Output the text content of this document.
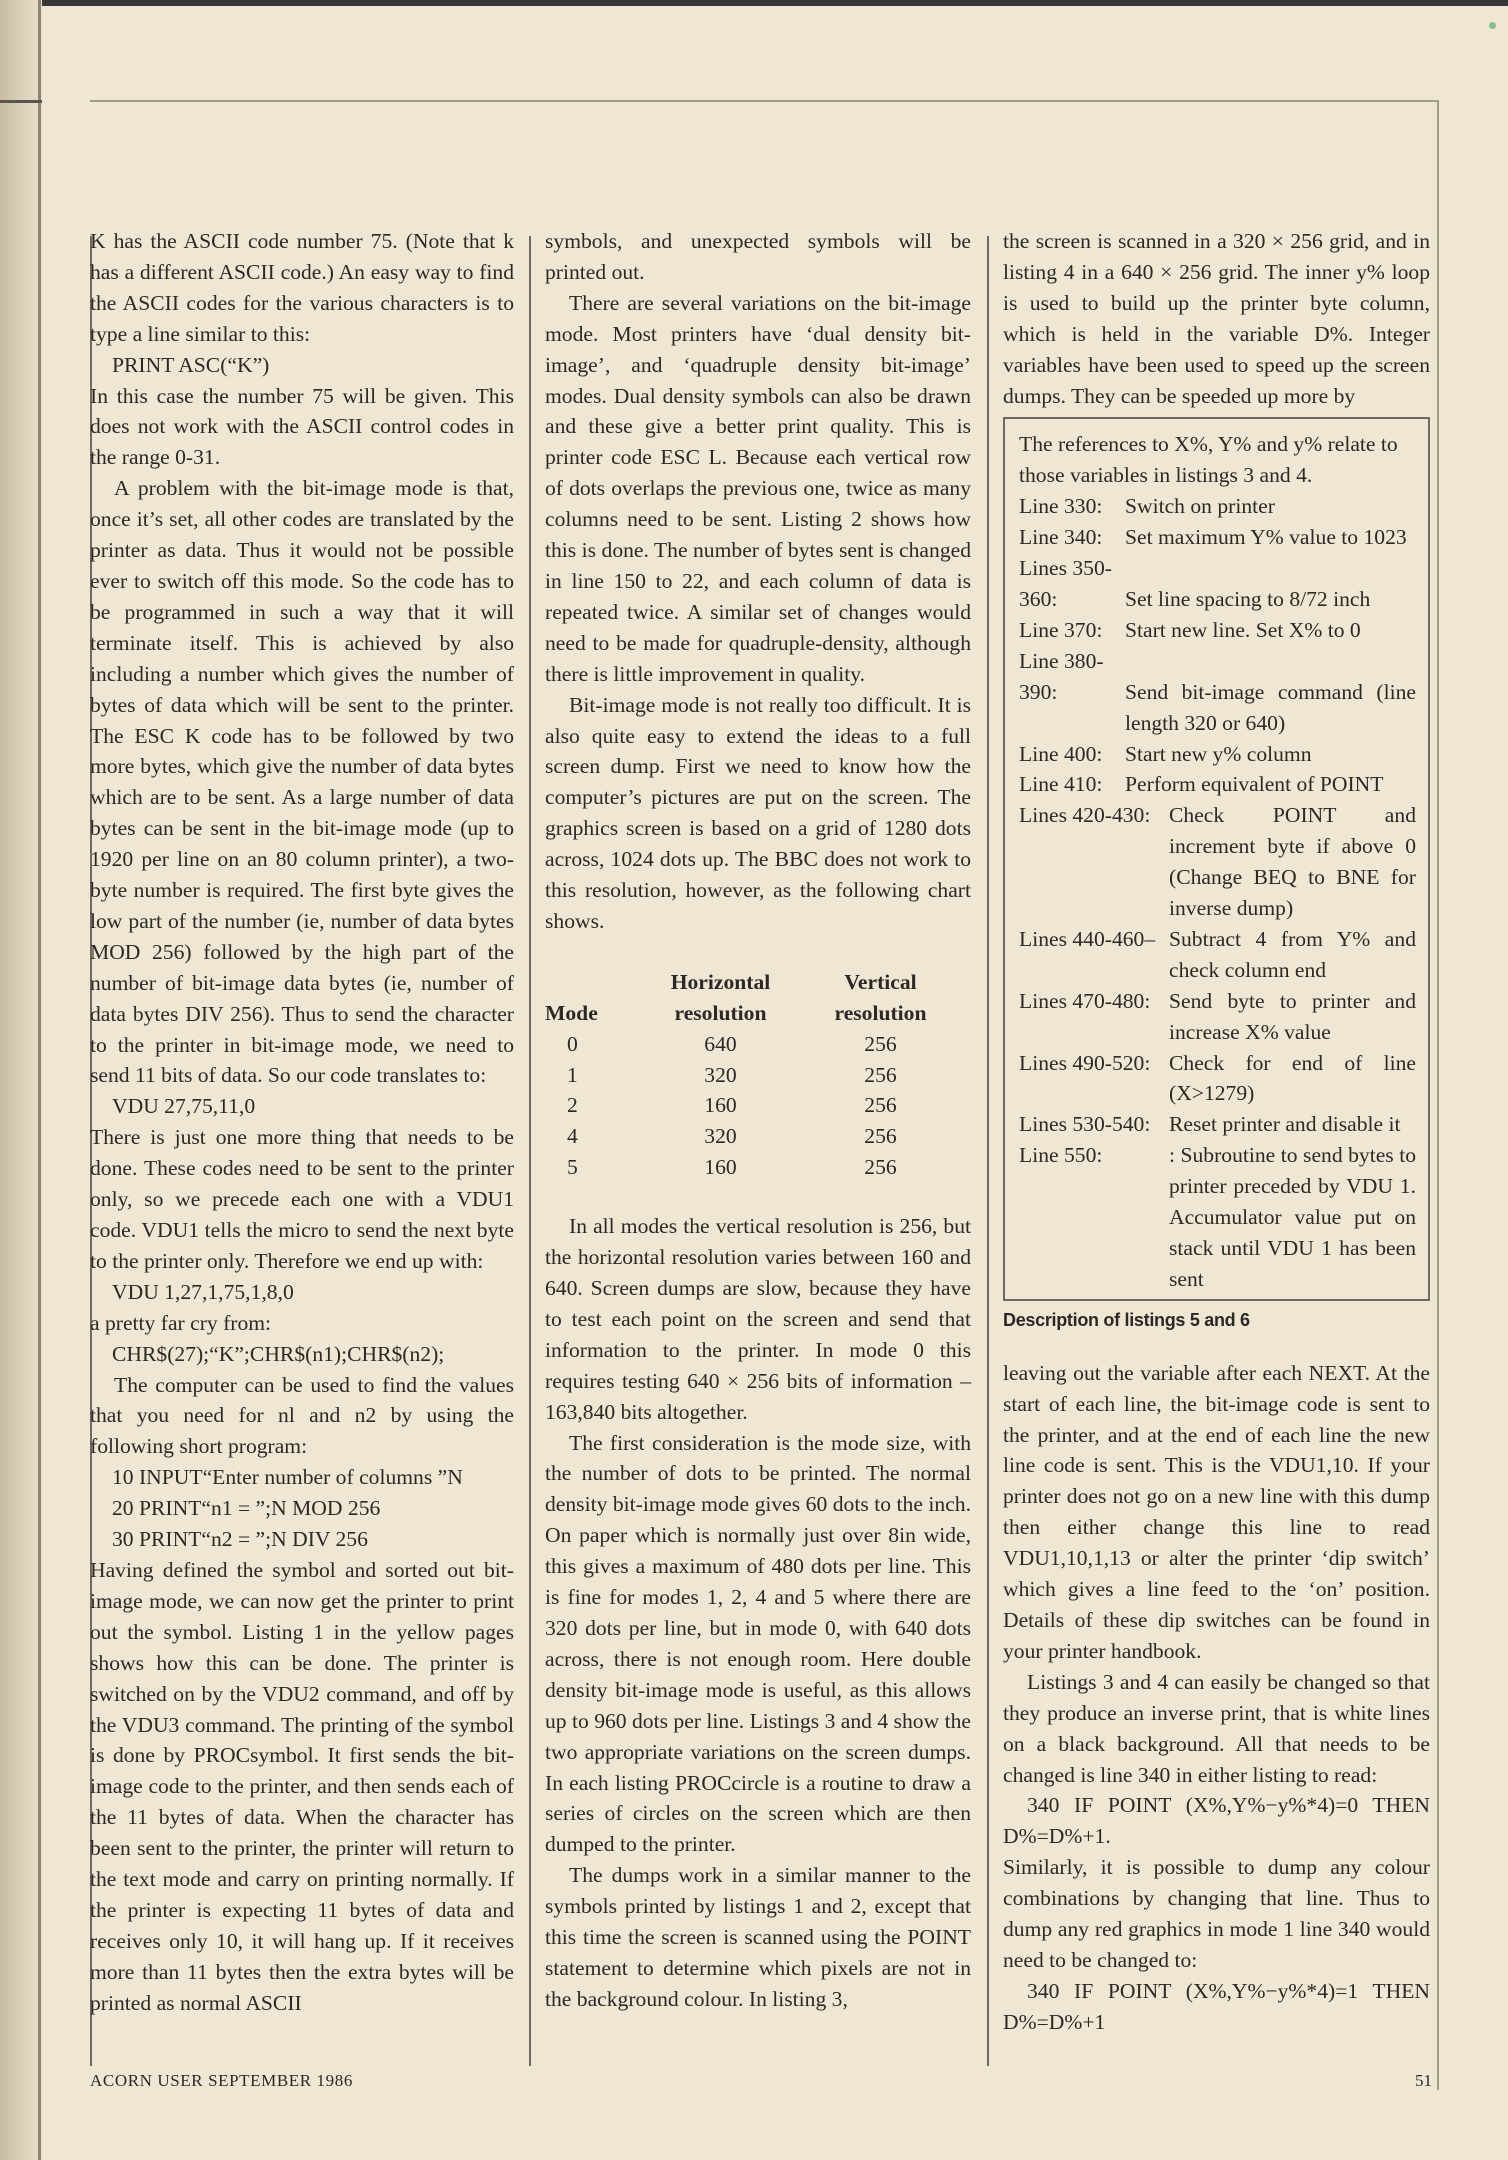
K has the ASCII code number 75. (Note that k has a different ASCII code.) An easy way to find the ASCII codes for the various characters is to type a line similar to this:

PRINT ASC(“K”)

In this case the number 75 will be given. This does not work with the ASCII control codes in the range 0-31.

A problem with the bit-image mode is that, once it’s set, all other codes are translated by the printer as data. Thus it would not be possible ever to switch off this mode. So the code has to be programmed in such a way that it will terminate itself. This is achieved by also including a number which gives the number of bytes of data which will be sent to the printer. The ESC K code has to be followed by two more bytes, which give the number of data bytes which are to be sent. As a large number of data bytes can be sent in the bit-image mode (up to 1920 per line on an 80 column printer), a two-byte number is required. The first byte gives the low part of the number (ie, number of data bytes MOD 256) followed by the high part of the number of bit-image data bytes (ie, number of data bytes DIV 256). Thus to send the character to the printer in bit-image mode, we need to send 11 bits of data. So our code translates to:

VDU 27,75,11,0

There is just one more thing that needs to be done. These codes need to be sent to the printer only, so we precede each one with a VDU1 code. VDU1 tells the micro to send the next byte to the printer only. Therefore we end up with:

VDU 1,27,1,75,1,8,0

a pretty far cry from:

CHR$(27);“K”;CHR$(n1);CHR$(n2);

The computer can be used to find the values that you need for nl and n2 by using the following short program:

10 INPUT“Enter number of columns ”N

20 PRINT“n1 = ”;N MOD 256

30 PRINT“n2 = ”;N DIV 256

Having defined the symbol and sorted out bit-image mode, we can now get the printer to print out the symbol. Listing 1 in the yellow pages shows how this can be done. The printer is switched on by the VDU2 command, and off by the VDU3 command. The printing of the symbol is done by PROCsymbol. It first sends the bit-image code to the printer, and then sends each of the 11 bytes of data. When the character has been sent to the printer, the printer will return to the text mode and carry on printing normally. If the printer is expecting 11 bytes of data and receives only 10, it will hang up. If it receives more than 11 bytes then the extra bytes will be printed as normal ASCII

symbols, and unexpected symbols will be printed out.

There are several variations on the bit-image mode. Most printers have ‘dual density bit-image’, and ‘quadruple density bit-image’ modes. Dual density symbols can also be drawn and these give a better print quality. This is printer code ESC L. Because each vertical row of dots overlaps the previous one, twice as many columns need to be sent. Listing 2 shows how this is done. The number of bytes sent is changed in line 150 to 22, and each column of data is repeated twice. A similar set of changes would need to be made for quadruple-density, although there is little improvement in quality.

Bit-image mode is not really too difficult. It is also quite easy to extend the ideas to a full screen dump. First we need to know how the computer’s pictures are put on the screen. The graphics screen is based on a grid of 1280 dots across, 1024 dots up. The BBC does not work to this resolution, however, as the following chart shows.

Mode	Horizontal resolution	Vertical resolution
0	640	256
1	320	256
2	160	256
4	320	256
5	160	256

In all modes the vertical resolution is 256, but the horizontal resolution varies between 160 and 640. Screen dumps are slow, because they have to test each point on the screen and send that information to the printer. In mode 0 this requires testing 640 × 256 bits of information – 163,840 bits altogether.

The first consideration is the mode size, with the number of dots to be printed. The normal density bit-image mode gives 60 dots to the inch. On paper which is normally just over 8in wide, this gives a maximum of 480 dots per line. This is fine for modes 1, 2, 4 and 5 where there are 320 dots per line, but in mode 0, with 640 dots across, there is not enough room. Here double density bit-image mode is useful, as this allows up to 960 dots per line. Listings 3 and 4 show the two appropriate variations on the screen dumps. In each listing PROCcircle is a routine to draw a series of circles on the screen which are then dumped to the printer.

The dumps work in a similar manner to the symbols printed by listings 1 and 2, except that this time the screen is scanned using the POINT statement to determine which pixels are not in the background colour. In listing 3,

the screen is scanned in a 320 × 256 grid, and in listing 4 in a 640 × 256 grid. The inner y% loop is used to build up the printer byte column, which is held in the variable D%. Integer variables have been used to speed up the screen dumps. They can be speeded up more by

The references to X%, Y% and y% relate to those variables in listings 3 and 4.

Line 330:	Switch on printer
Line 340:	Set maximum Y% value to 1023
Lines 350-
360:	Set line spacing to 8/72 inch
Line 370:	Start new line. Set X% to 0
Line 380-
390:	Send bit-image command (line length 320 or 640)
Line 400:	Start new y% column
Line 410:	Perform equivalent of POINT
Lines 420-430: Check POINT and increment byte if above 0 (Change BEQ to BNE for inverse dump)
Lines 440-460– Subtract 4 from Y% and check column end
Lines 470-480: Send byte to printer and increase X% value
Lines 490-520: Check for end of line (X>1279)
Lines 530-540: Reset printer and disable it
Line 550:	: Subroutine to send bytes to printer preceded by VDU 1. Accumulator value put on stack until VDU 1 has been sent
Description of listings 5 and 6

leaving out the variable after each NEXT. At the start of each line, the bit-image code is sent to the printer, and at the end of each line the new line code is sent. This is the VDU1,10. If your printer does not go on a new line with this dump then either change this line to read VDU1,10,1,13 or alter the printer ‘dip switch’ which gives a line feed to the ‘on’ position. Details of these dip switches can be found in your printer handbook.

Listings 3 and 4 can easily be changed so that they produce an inverse print, that is white lines on a black background. All that needs to be changed is line 340 in either listing to read:

340 IF POINT (X%,Y%−y%*4)=0 THEN D%=D%+1.

Similarly, it is possible to dump any colour combinations by changing that line. Thus to dump any red graphics in mode 1 line 340 would need to be changed to:

340 IF POINT (X%,Y%−y%*4)=1 THEN D%=D%+1

ACORN USER SEPTEMBER 1986	51
